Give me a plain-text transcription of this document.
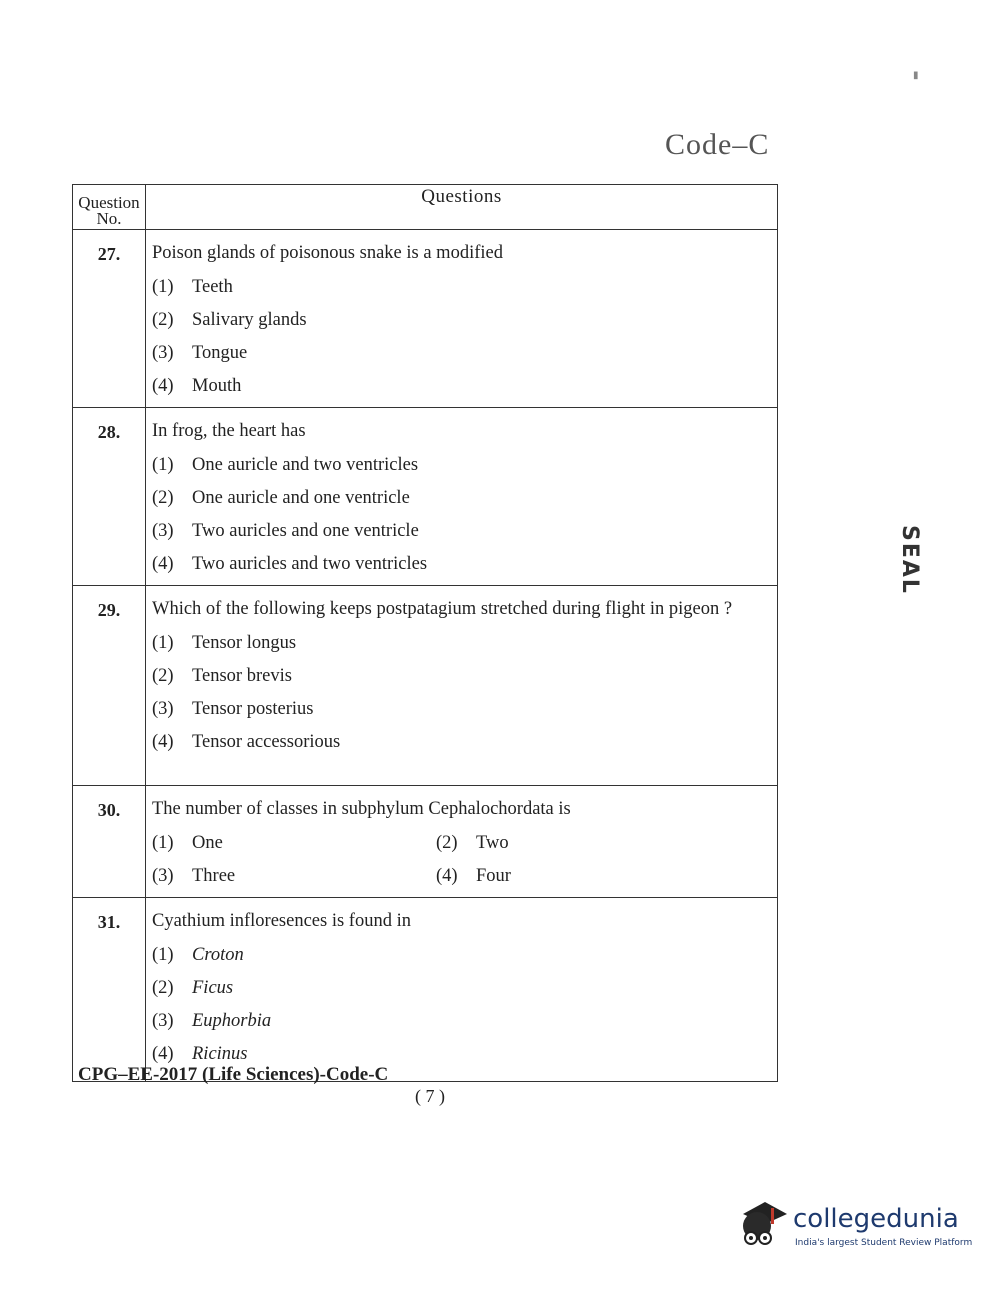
▮
Code–C
Question
No.	Questions
27.	Poison glands of poisonous snake is a modified
(1) Teeth
(2) Salivary glands
(3) Tongue
(4) Mouth

28.	In frog, the heart has
(1) One auricle and two ventricles
(2) One auricle and one ventricle
(3) Two auricles and one ventricle
(4) Two auricles and two ventricles

29.	Which of the following keeps postpatagium stretched during flight in pigeon ?
(1) Tensor longus
(2) Tensor brevis
(3) Tensor posterius
(4) Tensor accessorious

30.	The number of classes in subphylum Cephalochordata is
(1) One (2) Two
(3) Three (4) Four

31.	Cyathium infloresences is found in
(1) Croton
(2) Ficus
(3) Euphorbia
(4) Ricinus
CPG–EE-2017 (Life Sciences)-Code-C
( 7 )
SEAL
collegedunia
India's largest Student Review Platform
